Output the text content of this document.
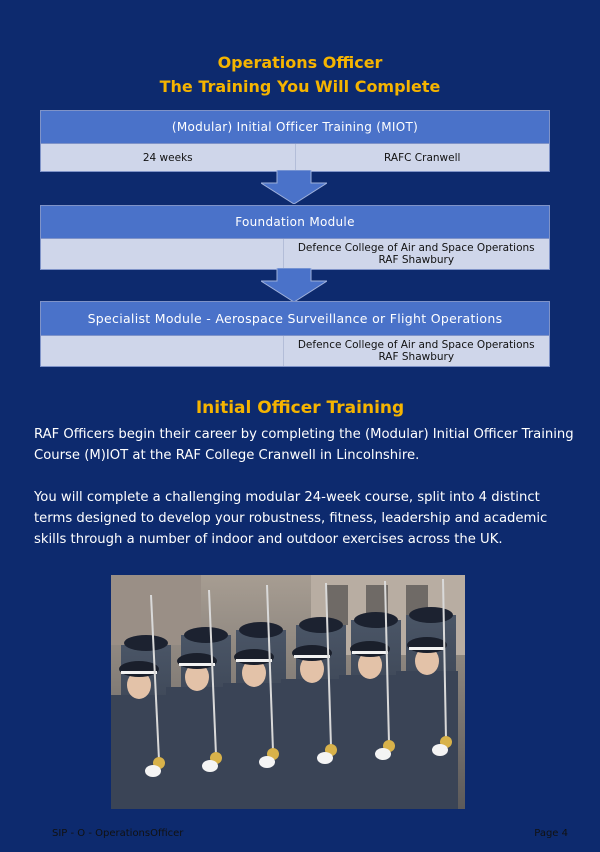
Operations Officer
The Training You Will Complete
(Modular) Initial Officer Training (MIOT)
24 weeks	RAFC Cranwell
Foundation Module
Defence College of Air and Space Operations RAF Shawbury
Specialist Module - Aerospace Surveillance or Flight Operations
Defence College of Air and Space Operations RAF Shawbury
Initial Officer Training
RAF Officers begin their career by completing the (Modular) Initial Officer Training Course (M)IOT at the RAF College Cranwell in Lincolnshire.
You will complete a challenging modular 24-week course, split into 4 distinct terms designed to develop your robustness, fitness, leadership and academic skills through a number of indoor and outdoor exercises across the UK.
SIP - O - OperationsOfficer	Page 4
